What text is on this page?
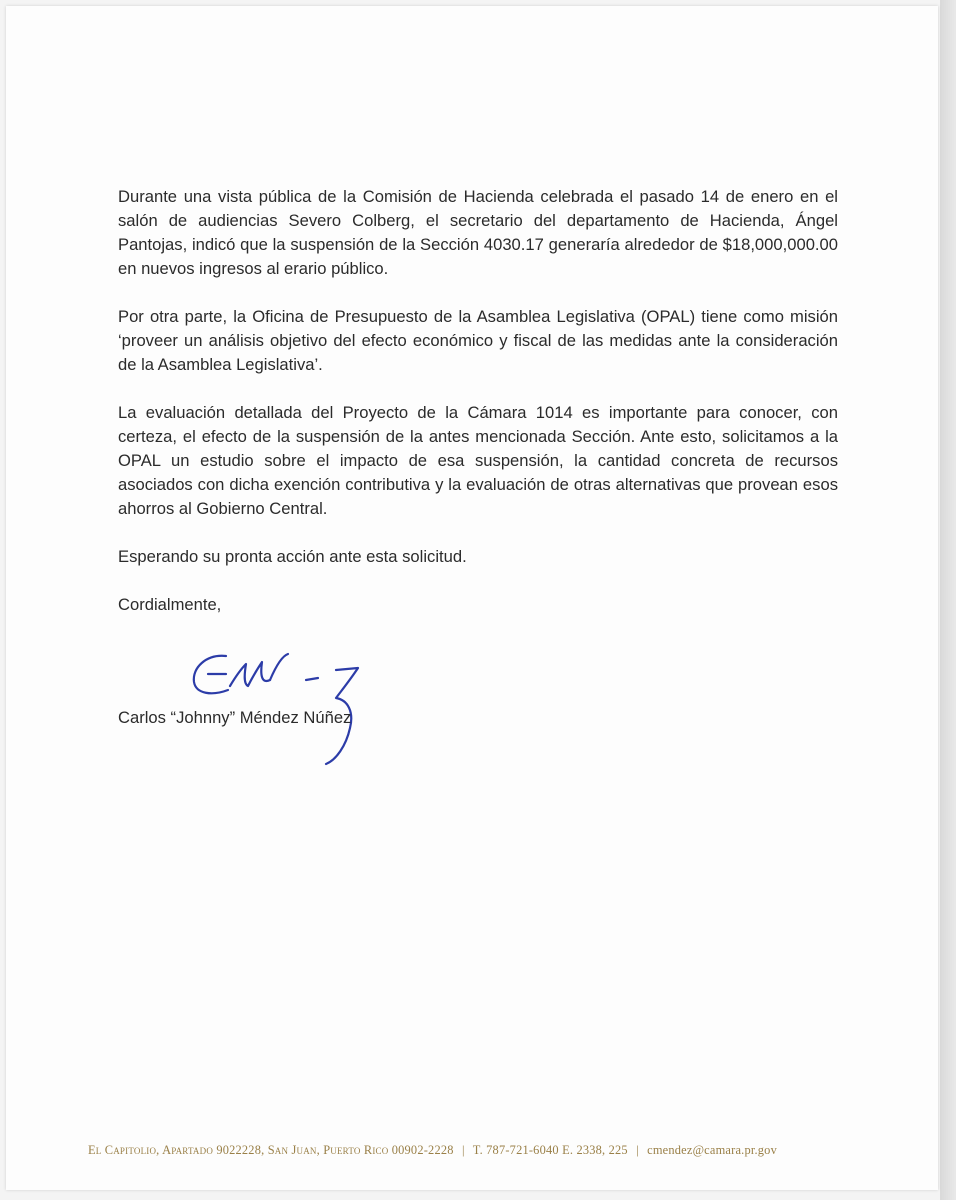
Durante una vista pública de la Comisión de Hacienda celebrada el pasado 14 de enero en el salón de audiencias Severo Colberg, el secretario del departamento de Hacienda, Ángel Pantojas, indicó que la suspensión de la Sección 4030.17 generaría alrededor de $18,000,000.00 en nuevos ingresos al erario público.

Por otra parte, la Oficina de Presupuesto de la Asamblea Legislativa (OPAL) tiene como misión ‘proveer un análisis objetivo del efecto económico y fiscal de las medidas ante la consideración de la Asamblea Legislativa’.

La evaluación detallada del Proyecto de la Cámara 1014 es importante para conocer, con certeza, el efecto de la suspensión de la antes mencionada Sección. Ante esto, solicitamos a la OPAL un estudio sobre el impacto de esa suspensión, la cantidad concreta de recursos asociados con dicha exención contributiva y la evaluación de otras alternativas que provean esos ahorros al Gobierno Central.

Esperando su pronta acción ante esta solicitud.

Cordialmente,

Carlos “Johnny” Méndez Núñez
El Capitolio, Apartado 9022228, San Juan, Puerto Rico 00902-2228 | T. 787-721-6040 E. 2338, 225 | cmendez@camara.pr.gov
